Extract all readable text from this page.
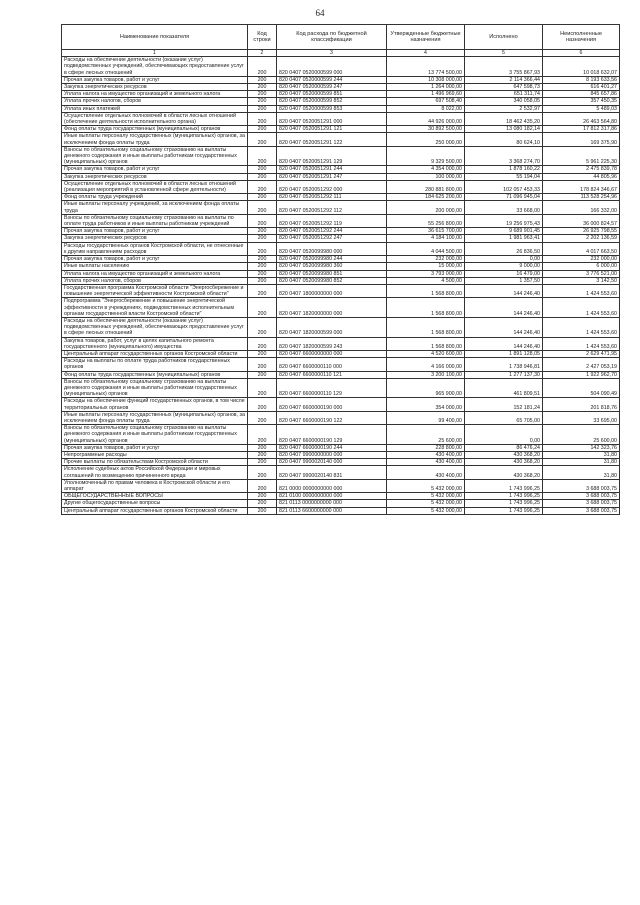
64
Наименование показателя	Код строки	Код расхода по бюджетной классификации	Утвержденные бюджетные назначения	Исполнено	Неисполненные назначения
1	2	3	4	5	6
Расходы на обеспечение деятельности (оказание услуг) подведомственных учреждений, обеспечивающих предоставление услуг в сфере лесных отношений	200	820 0407 0520000599 000	13 774 500,00	3 755 867,93	10 018 632,07
Прочая закупка товаров, работ и услуг	200	820 0407 0520000599 244	10 308 000,00	2 114 366,44	8 193 633,56
Закупка энергетических ресурсов	200	820 0407 0520000599 247	1 264 000,00	647 598,73	616 401,27
Уплата налога на имущество организаций и земельного налога	200	820 0407 0520000599 851	1 496 969,60	651 311,74	845 657,86
Уплата прочих налогов, сборов	200	820 0407 0520000599 852	697 508,40	340 058,05	357 450,35
Уплата иных платежей	200	820 0407 0520000599 853	8 022,00	2 532,97	5 489,03
Осуществление отдельных полномочий в области лесных отношений (обеспечение деятельности исполнительного органа)	200	820 0407 0520051291 000	44 926 000,00	18 462 435,20	26 463 564,80
Фонд оплаты труда государственных (муниципальных) органов	200	820 0407 0520051291 121	30 892 500,00	13 080 182,14	17 812 317,86
Иные выплаты персоналу государственных (муниципальных) органов, за исключением фонда оплаты труда	200	820 0407 0520051291 122	250 000,00	80 624,10	169 375,90
Взносы по обязательному социальному страхованию на выплаты денежного содержания и иные выплаты работникам государственных (муниципальных) органов	200	820 0407 0520051291 129	9 329 500,00	3 368 274,70	5 961 225,30
Прочая закупка товаров, работ и услуг	200	820 0407 0520051291 244	4 354 000,00	1 878 160,22	2 475 839,78
Закупка энергетических ресурсов	200	820 0407 0520051291 247	100 000,00	55 194,04	44 805,96
Осуществление отдельных полномочий в области лесных отношений (реализация мероприятий в установленной сфере деятельности)	200	820 0407 0520051292 000	280 881 800,00	102 057 453,33	178 824 346,67
Фонд оплаты труда учреждений	200	820 0407 0520051292 111	184 625 200,00	71 096 945,04	113 528 254,96
Иные выплаты персоналу учреждений, за исключением фонда оплаты труда	200	820 0407 0520051292 112	200 000,00	33 668,00	166 332,00
Взносы по обязательному социальному страхованию на выплаты по оплате труда работников и иные выплаты работникам учреждений	200	820 0407 0520051292 119	55 256 800,00	19 256 975,43	36 000 824,57
Прочая закупка товаров, работ и услуг	200	820 0407 0520051292 244	36 615 700,00	9 689 901,45	26 925 798,55
Закупка энергетических ресурсов	200	820 0407 0520051292 247	4 184 100,00	1 981 963,41	2 202 136,59
Расходы государственных органов Костромской области, не отнесенные к другим направлениям расходов	200	820 0407 0520099980 000	4 044 500,00	26 836,50	4 017 663,50
Прочая закупка товаров, работ и услуг	200	820 0407 0520099980 244	232 000,00	0,00	232 000,00
Иные выплаты населению	200	820 0407 0520099980 360	15 000,00	9 000,00	6 000,00
Уплата налога на имущество организаций и земельного налога	200	820 0407 0520099980 851	3 793 000,00	16 479,00	3 776 521,00
Уплата прочих налогов, сборов	200	820 0407 0520099980 852	4 500,00	1 357,50	3 142,50
Государственная программа Костромской области "Энергосбережение и повышение энергетической эффективности Костромской области"	200	820 0407 1800000000 000	1 568 800,00	144 246,40	1 424 553,60
Подпрограмма "Энергосбережение и повышение энергетической эффективности в учреждениях, подведомственных исполнительным органам государственной власти Костромской области"	200	820 0407 1820000000 000	1 568 800,00	144 246,40	1 424 553,60
Расходы на обеспечение деятельности (оказание услуг) подведомственных учреждений, обеспечивающих предоставление услуг в сфере лесных отношений	200	820 0407 1820000599 000	1 568 800,00	144 246,40	1 424 553,60
Закупка товаров, работ, услуг в целях капитального ремонта государственного (муниципального) имущества	200	820 0407 1820000599 243	1 568 800,00	144 246,40	1 424 553,60
Центральный аппарат государственных органов Костромской области	200	820 0407 6600000000 000	4 520 600,00	1 891 128,05	2 629 471,95
Расходы на выплаты по оплате труда работников государственных органов	200	820 0407 6600000110 000	4 166 000,00	1 738 946,81	2 427 053,19
Фонд оплаты труда государственных (муниципальных) органов	200	820 0407 6600000110 121	3 200 100,00	1 277 137,30	1 922 962,70
Взносы по обязательному социальному страхованию на выплаты денежного содержания и иные выплаты работникам государственных (муниципальных) органов	200	820 0407 6600000110 129	965 900,00	461 809,51	504 090,49
Расходы на обеспечение функций государственных органов, в том числе территориальных органов	200	820 0407 6600000190 000	354 000,00	152 181,24	201 818,76
Иные выплаты персоналу государственных (муниципальных) органов, за исключением фонда оплаты труда	200	820 0407 6600000190 122	99 400,00	65 705,00	33 695,00
Взносы по обязательному социальному страхованию на выплаты денежного содержания и иные выплаты работникам государственных (муниципальных) органов	200	820 0407 6600000190 129	25 600,00	0,00	25 600,00
Прочая закупка товаров, работ и услуг	200	820 0407 6600000190 244	228 800,00	86 476,24	142 323,76
Непрограммные расходы	200	820 0407 9900000000 000	430 400,00	430 368,20	31,80
Прочие выплаты по обязательствам Костромской области	200	820 0407 9900020140 000	430 400,00	430 368,20	31,80
Исполнение судебных актов Российской Федерации и мировых соглашений по возмещению причиненного вреда	200	820 0407 9900020140 831	430 400,00	430 368,20	31,80
Уполномоченный по правам человека в Костромской области и его аппарат	200	821 0000 0000000000 000	5 432 000,00	1 743 996,25	3 688 003,75
ОБЩЕГОСУДАРСТВЕННЫЕ ВОПРОСЫ	200	821 0100 0000000000 000	5 432 000,00	1 743 996,25	3 688 003,75
Другие общегосударственные вопросы	200	821 0113 0000000000 000	5 432 000,00	1 743 996,25	3 688 003,75
Центральный аппарат государственных органов Костромской области	200	821 0113 6600000000 000	5 432 000,00	1 743 996,25	3 688 003,75
